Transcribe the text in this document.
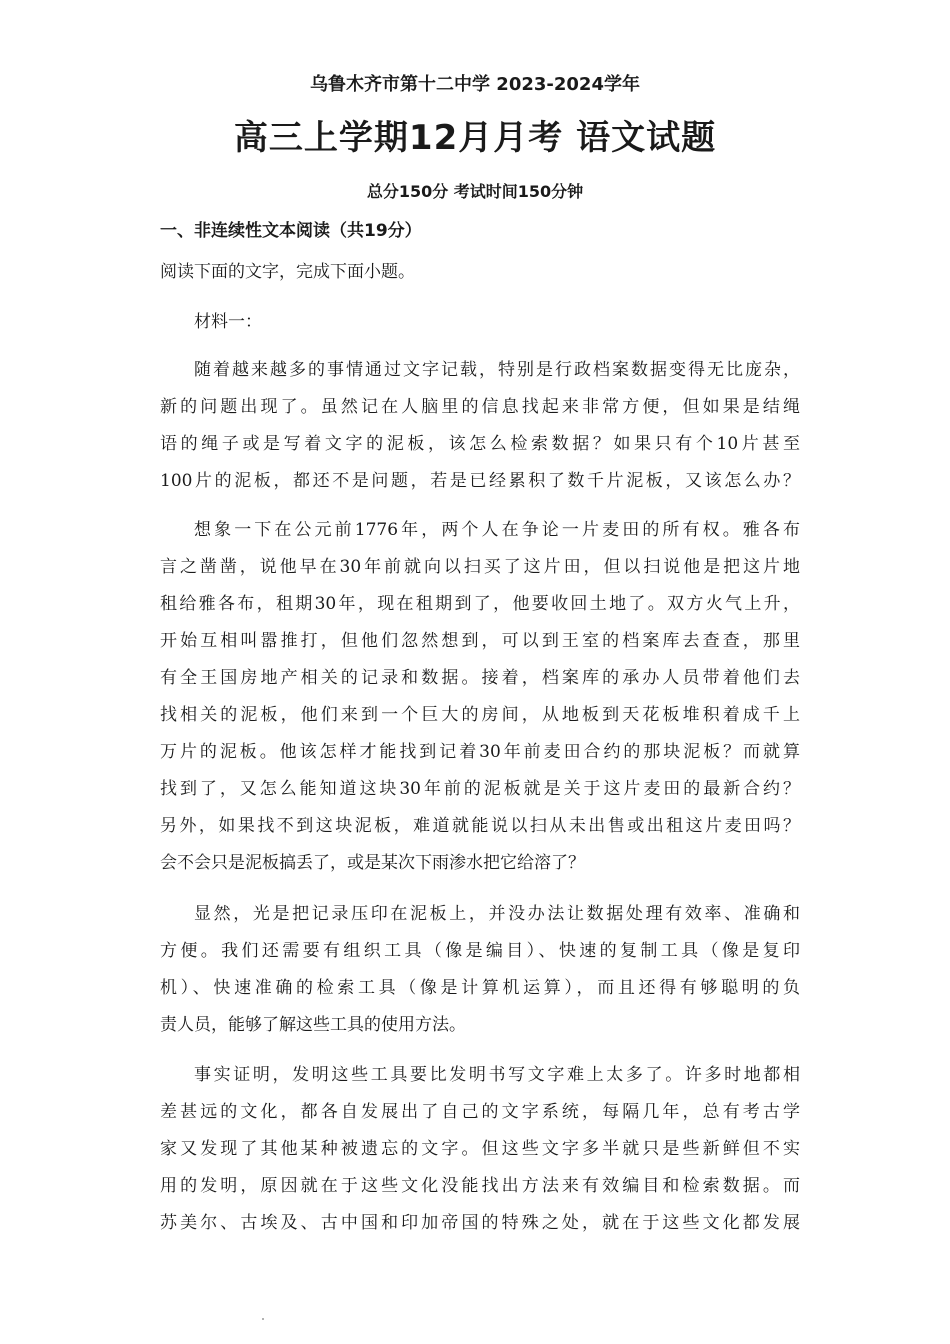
乌鲁木齐市第十二中学 2023-2024学年
高三上学期12月月考 语文试题
总分150分 考试时间150分钟
一、非连续性文本阅读（共19分）
阅读下面的文字，完成下面小题。
材料一：
随着越来越多的事情通过文字记载，特别是行政档案数据变得无比庞杂，
新的问题出现了。虽然记在人脑里的信息找起来非常方便，但如果是结绳
语的绳子或是写着文字的泥板，该怎么检索数据？如果只有个10片甚至
100片的泥板，都还不是问题，若是已经累积了数千片泥板，又该怎么办？
想象一下在公元前1776年，两个人在争论一片麦田的所有权。雅各布
言之凿凿，说他早在30年前就向以扫买了这片田，但以扫说他是把这片地
租给雅各布，租期30年，现在租期到了，他要收回土地了。双方火气上升，
开始互相叫嚣推打，但他们忽然想到，可以到王室的档案库去查查，那里
有全王国房地产相关的记录和数据。接着，档案库的承办人员带着他们去
找相关的泥板，他们来到一个巨大的房间，从地板到天花板堆积着成千上
万片的泥板。他该怎样才能找到记着30年前麦田合约的那块泥板？而就算
找到了，又怎么能知道这块30年前的泥板就是关于这片麦田的最新合约？
另外，如果找不到这块泥板，难道就能说以扫从未出售或出租这片麦田吗？
会不会只是泥板搞丢了，或是某次下雨渗水把它给溶了？
显然，光是把记录压印在泥板上，并没办法让数据处理有效率、准确和
方便。我们还需要有组织工具（像是编目）、快速的复制工具（像是复印
机）、快速准确的检索工具（像是计算机运算），而且还得有够聪明的负
责人员，能够了解这些工具的使用方法。
事实证明，发明这些工具要比发明书写文字难上太多了。许多时地都相
差甚远的文化，都各自发展出了自己的文字系统，每隔几年，总有考古学
家又发现了其他某种被遗忘的文字。但这些文字多半就只是些新鲜但不实
用的发明，原因就在于这些文化没能找出方法来有效编目和检索数据。而
苏美尔、古埃及、古中国和印加帝国的特殊之处，就在于这些文化都发展
